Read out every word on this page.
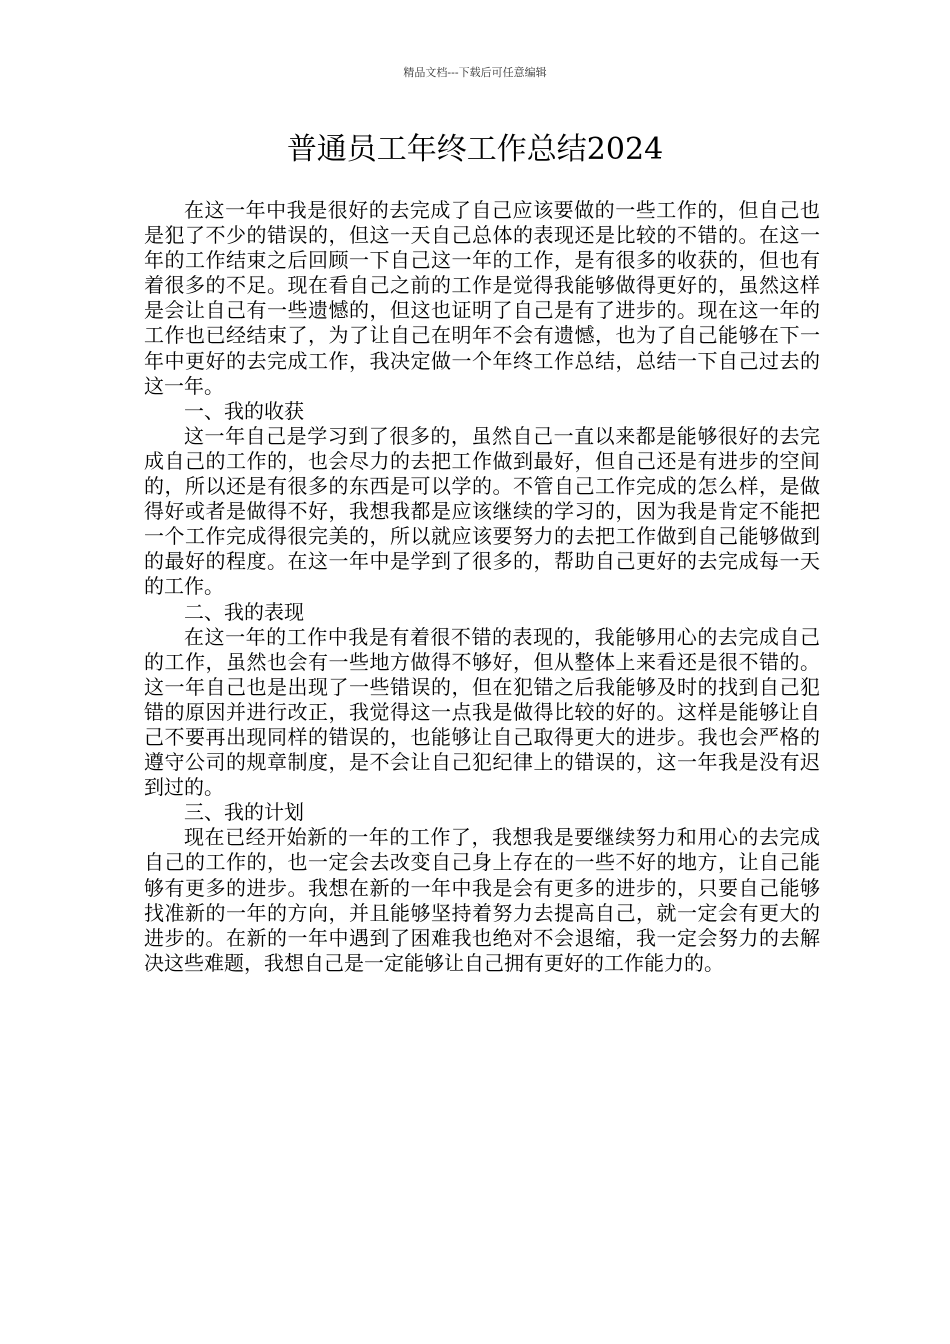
精品文档---下载后可任意编辑
普通员工年终工作总结2024

在这一年中我是很好的去完成了自己应该要做的一些工作的，但自己也是犯了不少的错误的，但这一天自己总体的表现还是比较的不错的。在这一年的工作结束之后回顾一下自己这一年的工作，是有很多的收获的，但也有着很多的不足。现在看自己之前的工作是觉得我能够做得更好的，虽然这样是会让自己有一些遗憾的，但这也证明了自己是有了进步的。现在这一年的工作也已经结束了，为了让自己在明年不会有遗憾，也为了自己能够在下一年中更好的去完成工作，我决定做一个年终工作总结，总结一下自己过去的这一年。

一、我的收获

这一年自己是学习到了很多的，虽然自己一直以来都是能够很好的去完成自己的工作的，也会尽力的去把工作做到最好，但自己还是有进步的空间的，所以还是有很多的东西是可以学的。不管自己工作完成的怎么样，是做得好或者是做得不好，我想我都是应该继续的学习的，因为我是肯定不能把一个工作完成得很完美的，所以就应该要努力的去把工作做到自己能够做到的最好的程度。在这一年中是学到了很多的，帮助自己更好的去完成每一天的工作。

二、我的表现

在这一年的工作中我是有着很不错的表现的，我能够用心的去完成自己的工作，虽然也会有一些地方做得不够好，但从整体上来看还是很不错的。这一年自己也是出现了一些错误的，但在犯错之后我能够及时的找到自己犯错的原因并进行改正，我觉得这一点我是做得比较的好的。这样是能够让自己不要再出现同样的错误的，也能够让自己取得更大的进步。我也会严格的遵守公司的规章制度，是不会让自己犯纪律上的错误的，这一年我是没有迟到过的。

三、我的计划

现在已经开始新的一年的工作了，我想我是要继续努力和用心的去完成自己的工作的，也一定会去改变自己身上存在的一些不好的地方，让自己能够有更多的进步。我想在新的一年中我是会有更多的进步的，只要自己能够找准新的一年的方向，并且能够坚持着努力去提高自己，就一定会有更大的进步的。在新的一年中遇到了困难我也绝对不会退缩，我一定会努力的去解决这些难题，我想自己是一定能够让自己拥有更好的工作能力的。
